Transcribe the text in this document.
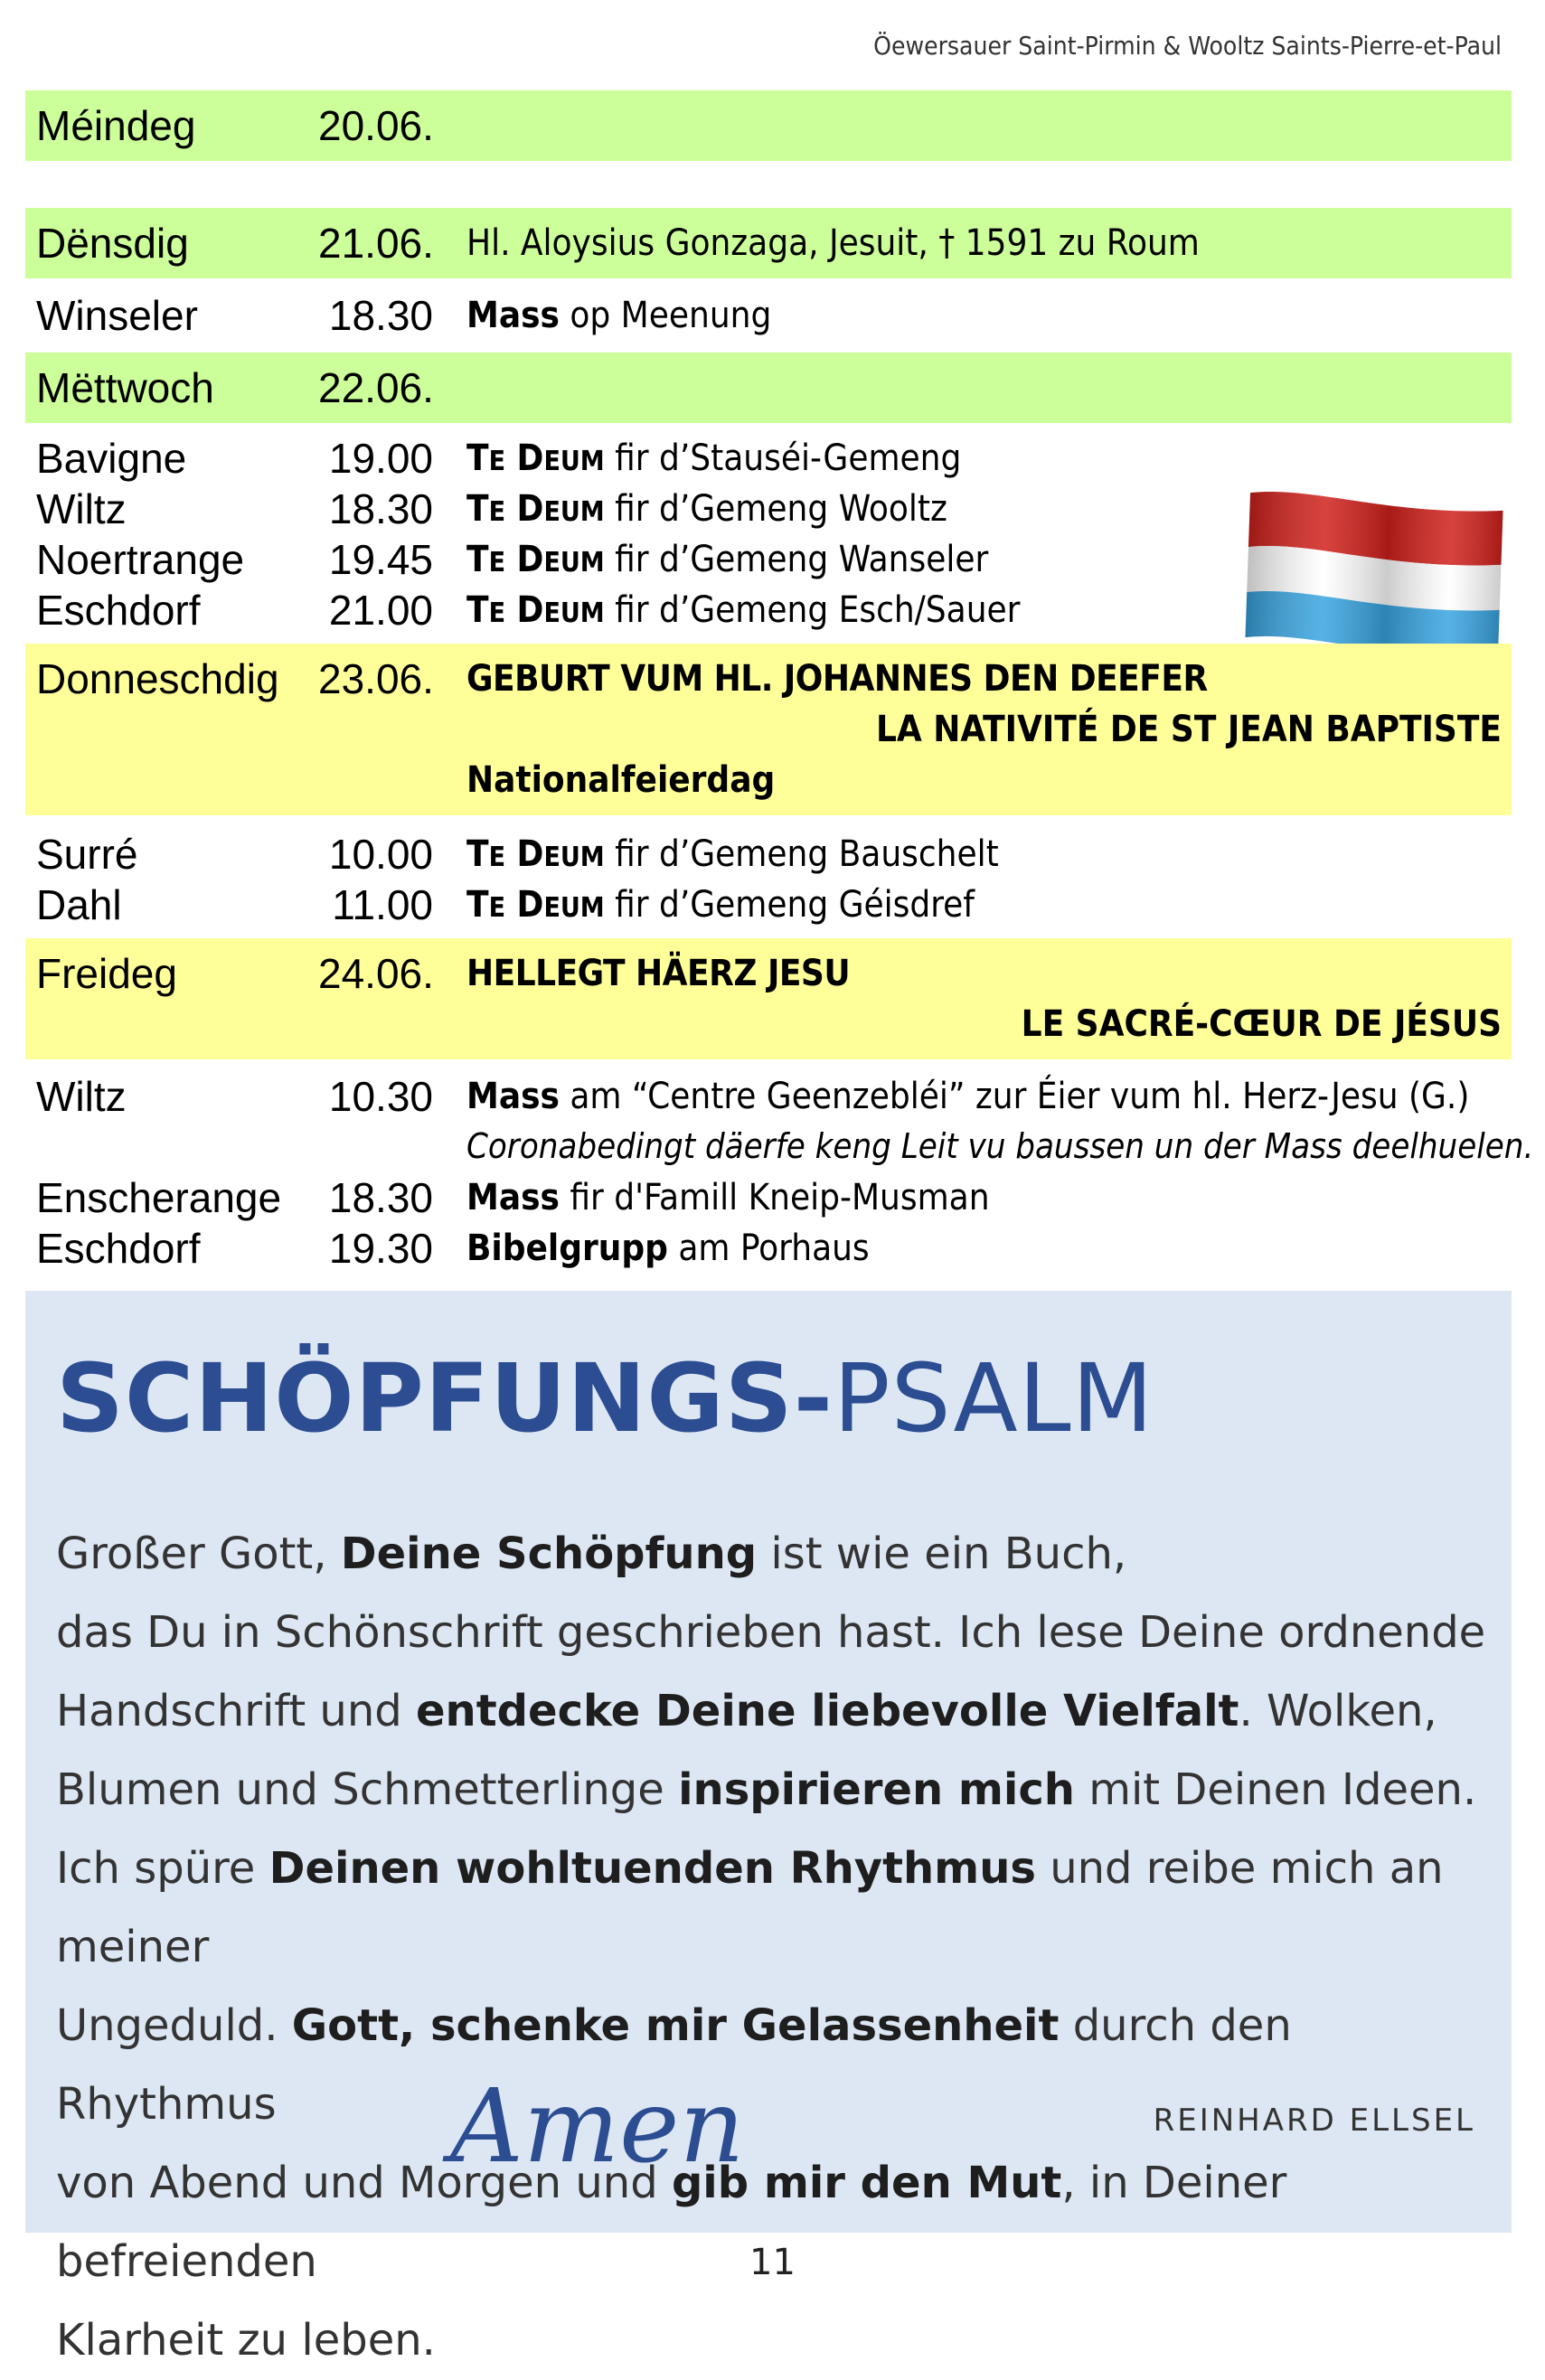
Öewersauer Saint-Pirmin & Wooltz Saints-Pierre-et-Paul
Méindeg	20.06.
Dënsdig	21.06. Hl. Aloysius Gonzaga, Jesuit, † 1591 zu Roum
Winseler	18.30 Mass op Meenung
Mëttwoch	22.06.
Bavigne	19.00 TE DEUM fir d’Stauséi-Gemeng
Wiltz	18.30 TE DEUM fir d’Gemeng Wooltz
Noertrange 19.45 TE DEUM fir d’Gemeng Wanseler
Eschdorf	21.00 TE DEUM fir d’Gemeng Esch/Sauer
Donneschdig 23.06. GEBURT VUM HL. JOHANNES DEN DEEFER
LA NATIVITÉ DE ST JEAN BAPTISTE
Nationalfeierdag
Surré	10.00 TE DEUM fir d’Gemeng Bauschelt
Dahl	11.00 TE DEUM fir d’Gemeng Géisdref
Freideg	24.06. HELLEGT HÄERZ JESU
LE SACRÉ-CŒUR DE JÉSUS
Wiltz	10.30 Mass am “Centre Geenzebléi” zur Éier vum hl. Herz-Jesu (G.)
Coronabedingt däerfe keng Leit vu baussen un der Mass deelhuelen.
Enscherange 18.30 Mass fir d'Famill Kneip-Musman
Eschdorf	19.30 Bibelgrupp am Porhaus
SCHÖPFUNGS-PSALM
Großer Gott, Deine Schöpfung ist wie ein Buch,
das Du in Schönschrift geschrieben hast. Ich lese Deine ordnende
Handschrift und entdecke Deine liebevolle Vielfalt. Wolken,
Blumen und Schmetterlinge inspirieren mich mit Deinen Ideen.
Ich spüre Deinen wohltuenden Rhythmus und reibe mich an meiner
Ungeduld. Gott, schenke mir Gelassenheit durch den Rhythmus
von Abend und Morgen und gib mir den Mut, in Deiner befreienden
Klarheit zu leben.
Amen	REINHARD ELLSEL
11
